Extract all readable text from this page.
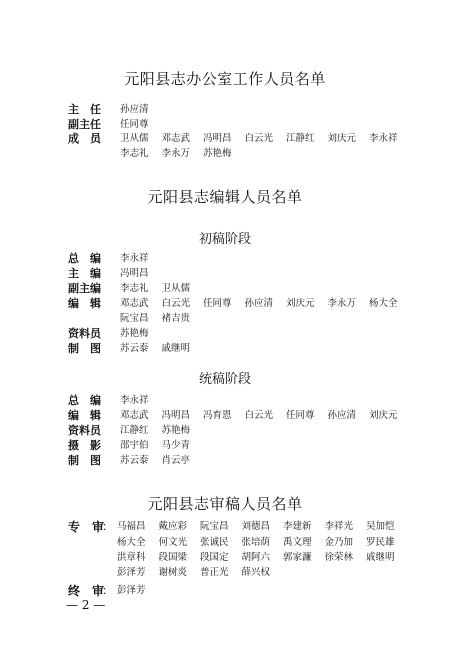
元阳县志办公室工作人员名单
主　任 孙应清
副主任 任同尊
成　员 卫从儒 邓志武 冯明昌 白云光 江静红 刘庆元 李永祥
李志礼 李永万 苏艳梅
元阳县志编辑人员名单
初稿阶段
总　编 李永祥
主　编 冯明昌
副主编 李志礼 卫从儒
编　辑 邓志武 白云光 任同尊 孙应清 刘庆元 李永万 杨大全
阮宝昌 褚吉贵
资料员 苏艳梅
制　图 苏云泰 戚继明
统稿阶段
总　编 李永祥
编　辑 邓志武 冯明昌 冯育恩 白云光 任同尊 孙应清 刘庆元
资料员 江静红 苏艳梅
摄　影 邵宇伯 马少青
制　图 苏云泰 肖云亭
元阳县志审稿人员名单
专　审
： 马福昌 戴应彩 阮宝昌 刘德昌 李建新 李祥光 吴加恺
杨大全 何文光 张诚民 张培荫 禹文理 金乃加 罗民雄
洪章科 段国梁 段国定 胡阿六 郭家濂 徐荣林 戚继明
彭泽芳 谢树炎 普正光 薛兴权
终　审
： 彭泽芳
— 2 —
